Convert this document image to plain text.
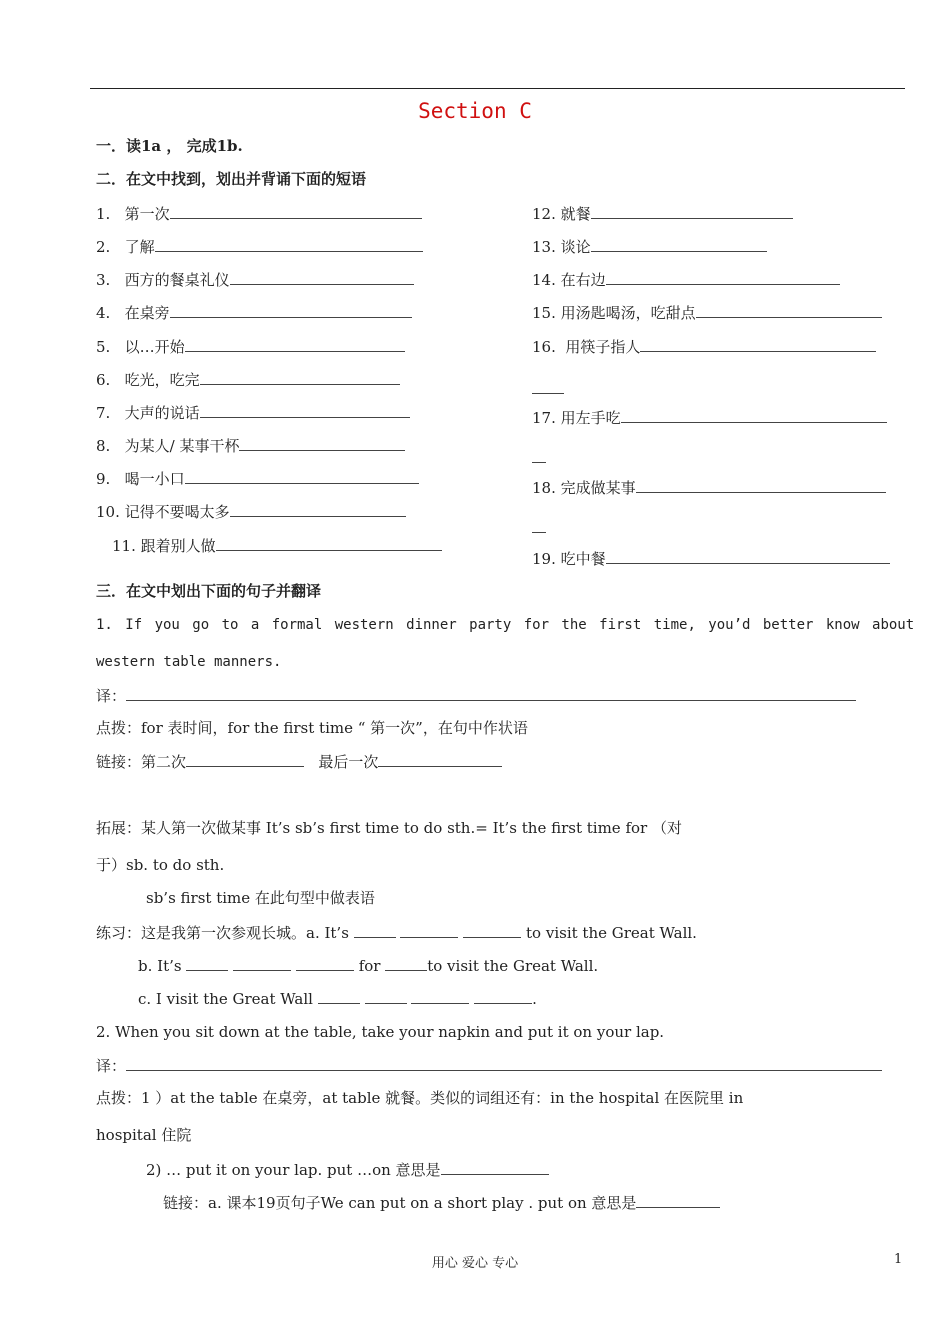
Section C
一．读1a ， 完成1b.
二．在文中找到，划出并背诵下面的短语
1. 第一次
2. 了解
3. 西方的餐桌礼仪
4. 在桌旁
5. 以…开始
6. 吃光，吃完
7. 大声的说话
8. 为某人/ 某事干杯
9. 喝一小口
10. 记得不要喝太多
11. 跟着别人做
12. 就餐
13. 谈论
14. 在右边
15. 用汤匙喝汤，吃甜点
16.  用筷子指人
17. 用左手吃
18. 完成做某事
19. 吃中餐
三．在文中划出下面的句子并翻译
1. If you go to a formal western dinner party for the first time, you’d better know about
western table manners.
译：
点拨：for 表时间，for the first time “ 第一次”，在句中作状语
链接：第二次	最后一次
拓展：某人第一次做某事 It’s sb’s first time to do sth.= It’s the first time for （对
于）sb. to do sth.
sb’s first time 在此句型中做表语
练习：这是我第一次参观长城。a. It’s	to visit the Great Wall.
b. It’s	for	to visit the Great Wall.
c. I visit the Great Wall	.
2. When you sit down at the table, take your napkin and put it on your lap.
译：
点拨：1 ）at the table 在桌旁，at table 就餐。类似的词组还有：in the hospital 在医院里 in
hospital 住院
2) … put it on your lap. put …on 意思是
链接：a. 课本19页句子We can put on a short play . put on 意思是
用心 爱心 专心	1
